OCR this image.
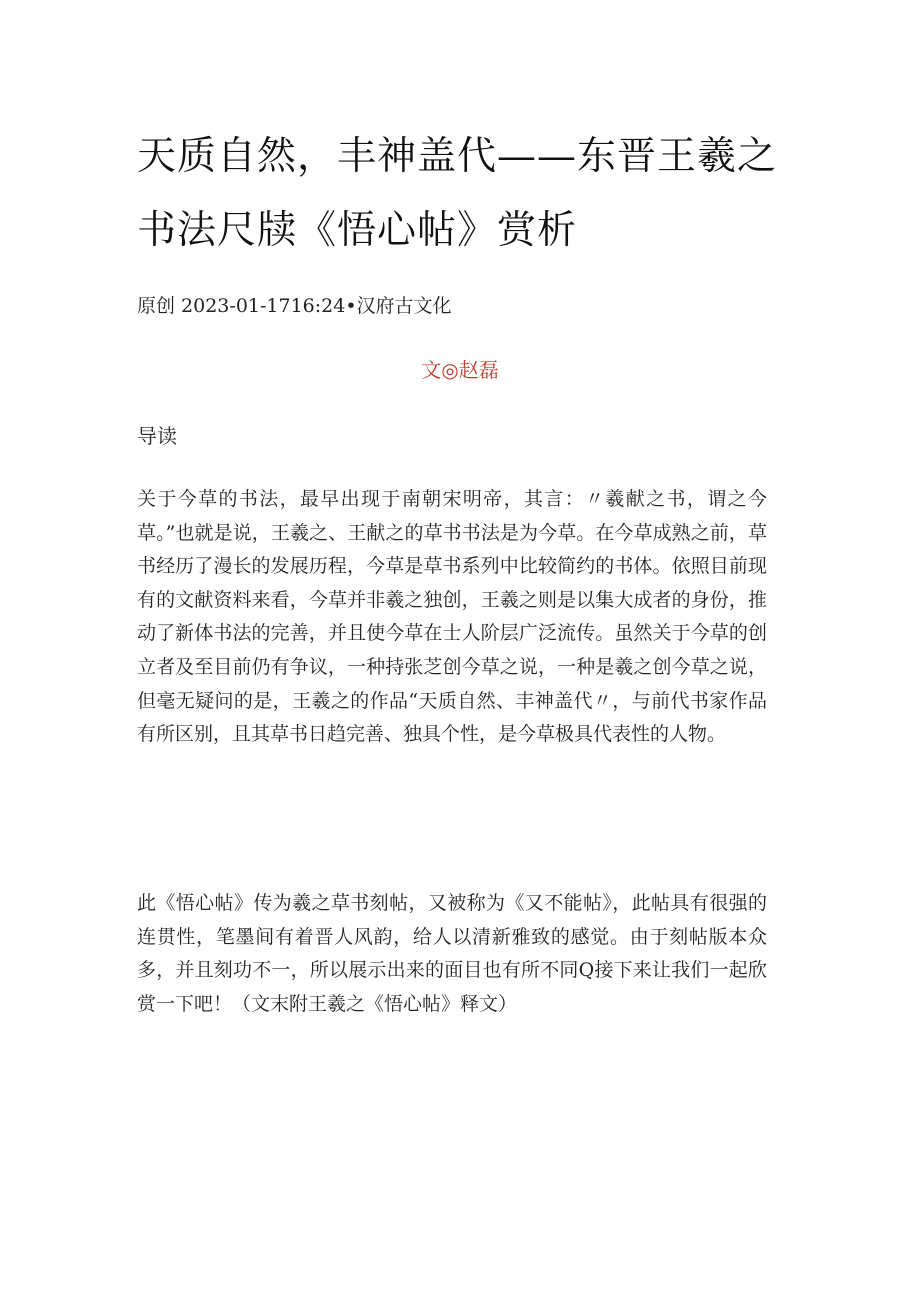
天质自然，丰神盖代——东晋王羲之书法尺牍《悟心帖》赏析
原创 2023-01-1716:24•汉府古文化
文◎赵磊
导读

关于今草的书法，最早出现于南朝宋明帝，其言：〃羲献之书，谓之今草。”也就是说，王羲之、王献之的草书书法是为今草。在今草成熟之前，草书经历了漫长的发展历程，今草是草书系列中比较简约的书体。依照目前现有的文献资料来看，今草并非羲之独创，王羲之则是以集大成者的身份，推动了新体书法的完善，并且使今草在士人阶层广泛流传。虽然关于今草的创立者及至目前仍有争议，一种持张芝创今草之说，一种是羲之创今草之说，但毫无疑问的是，王羲之的作品“天质自然、丰神盖代〃，与前代书家作品有所区别，且其草书日趋完善、独具个性，是今草极具代表性的人物。

此《悟心帖》传为羲之草书刻帖，又被称为《又不能帖》，此帖具有很强的连贯性，笔墨间有着晋人风韵，给人以清新雅致的感觉。由于刻帖版本众多，并且刻功不一，所以展示出来的面目也有所不同Q接下来让我们一起欣赏一下吧！（文末附王羲之《悟心帖》释文）
